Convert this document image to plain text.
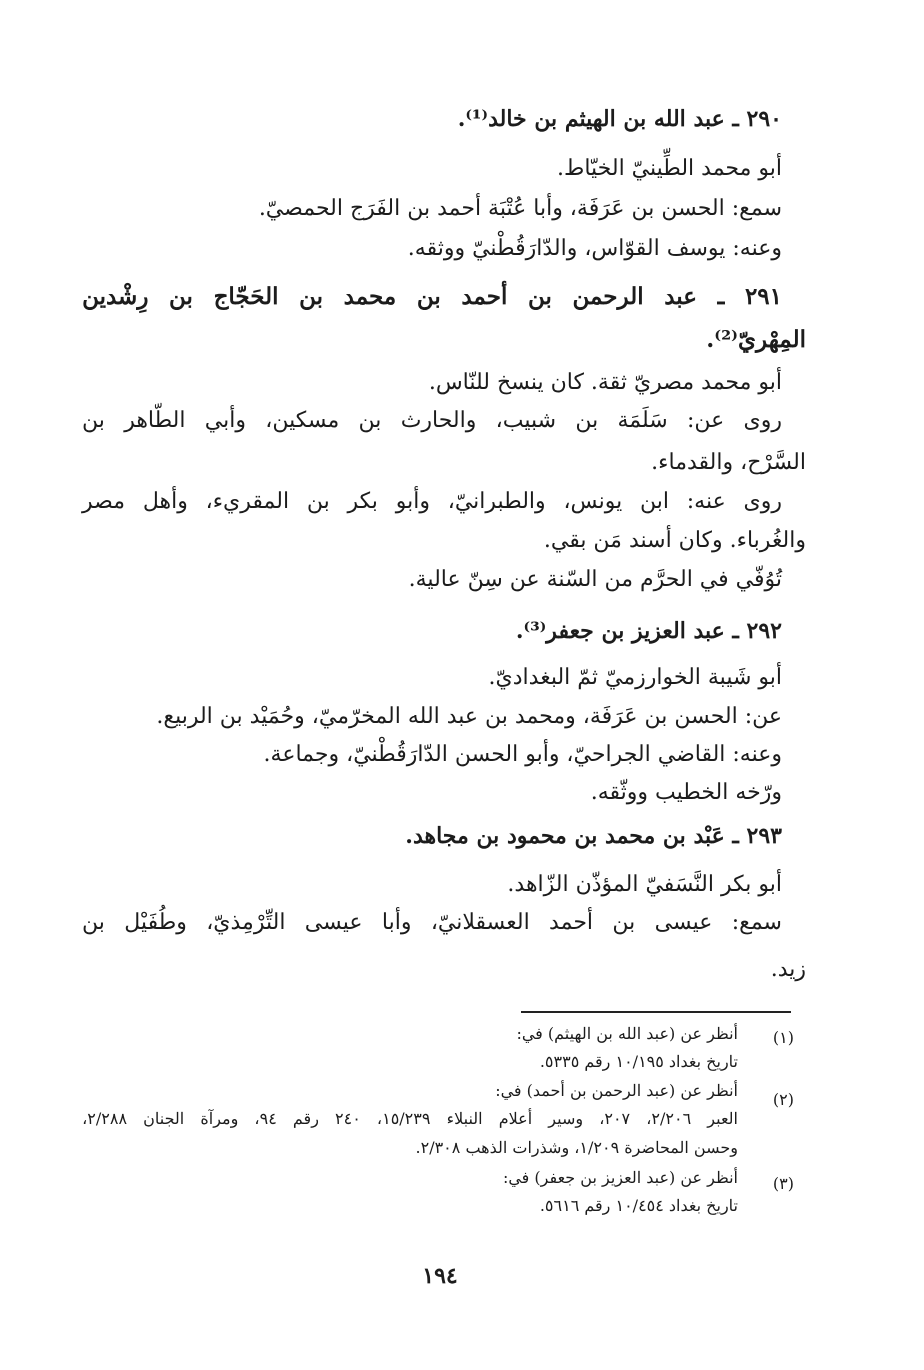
٢٩٠ ـ عبد الله بن الهيثم بن خالد⁽¹⁾.
أبو محمد الطِّينيّ الخيّاط.
سمع: الحسن بن عَرَفَة، وأبا عُتْبَة أحمد بن الفَرَج الحمصيّ.
وعنه: يوسف القوّاس، والدّارَقُطْنيّ ووثقه.
٢٩١
ـ
عبد
الرحمن
بن
أحمد
بن
محمد
بن
الحَجّاج
بن
رِشْدين
المِهْريّ⁽²⁾.
أبو محمد مصريّ ثقة. كان ينسخ للنّاس.
روى
عن:
سَلَمَة
بن
شبيب،
والحارث
بن
مسكين،
وأبي
الطّاهر
بن
السَّرْح، والقدماء.
روى
عنه:
ابن
يونس،
والطبرانيّ،
وأبو
بكر
بن
المقريء،
وأهل
مصر
والغُرباء. وكان أسند مَن بقي.
تُوُفّي في الحرَّم من السّنة عن سِنّ عالية.
٢٩٢ ـ عبد العزيز بن جعفر⁽³⁾.
أبو شَيبة الخوارزميّ ثمّ البغداديّ.
عن: الحسن بن عَرَفَة، ومحمد بن عبد الله المخرّميّ، وحُمَيْد بن الربيع.
وعنه: القاضي الجراحيّ، وأبو الحسن الدّارَقُطْنيّ، وجماعة.
ورّخه الخطيب ووثّقه.
٢٩٣ ـ عَبْد بن محمد بن محمود بن مجاهد.
أبو بكر النَّسَفيّ المؤذّن الزّاهد.
سمع:
عيسى
بن
أحمد
العسقلانيّ،
وأبا
عيسى
التِّرْمِذيّ،
وطُفَيْل
بن
زيد.
(١)
أنظر عن (عبد الله بن الهيثم) في:
تاريخ بغداد ١٠/١٩٥ رقم ٥٣٣٥.
(٢)
أنظر عن (عبد الرحمن بن أحمد) في:
العبر
٢/٢٠٦،
٢٠٧،
وسير
أعلام
النبلاء
١٥/٢٣٩،
٢٤٠
رقم
٩٤،
ومرآة
الجنان
٢/٢٨٨،
وحسن المحاضرة ١/٢٠٩، وشذرات الذهب ٢/٣٠٨.
(٣)
أنظر عن (عبد العزيز بن جعفر) في:
تاريخ بغداد ١٠/٤٥٤ رقم ٥٦١٦.
١٩٤
